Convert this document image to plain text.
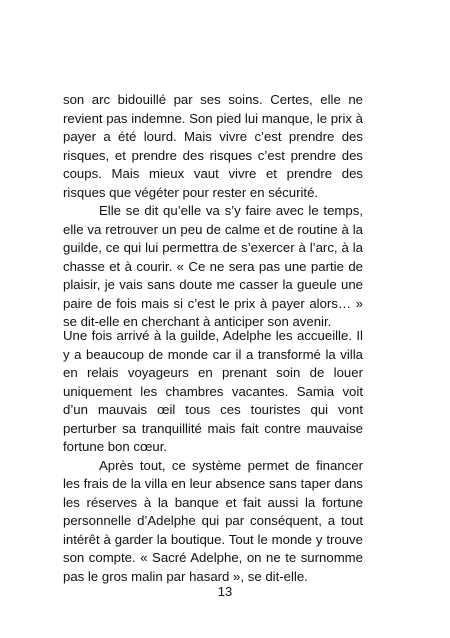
son arc bidouillé par ses soins. Certes, elle ne revient pas indemne. Son pied lui manque, le prix à payer a été lourd. Mais vivre c’est prendre des risques, et prendre des risques c’est prendre des coups. Mais mieux vaut vivre et prendre des risques que végéter pour rester en sécurité.

Elle se dit qu’elle va s’y faire avec le temps, elle va retrouver un peu de calme et de routine à la guilde, ce qui lui permettra de s’exercer à l’arc, à la chasse et à courir. « Ce ne sera pas une partie de plaisir, je vais sans doute me casser la gueule une paire de fois mais si c’est le prix à payer alors… » se dit-elle en cherchant à anticiper son avenir.

Une fois arrivé à la guilde, Adelphe les accueille. Il y a beaucoup de monde car il a transformé la villa en relais voyageurs en prenant soin de louer uniquement les chambres vacantes. Samia voit d’un mauvais œil tous ces touristes qui vont perturber sa tranquillité mais fait contre mauvaise fortune bon cœur.

Après tout, ce système permet de financer les frais de la villa en leur absence sans taper dans les réserves à la banque et fait aussi la fortune personnelle d’Adelphe qui par conséquent, a tout intérêt à garder la boutique. Tout le monde y trouve son compte. « Sacré Adelphe, on ne te surnomme pas le gros malin par hasard », se dit-elle.

13
